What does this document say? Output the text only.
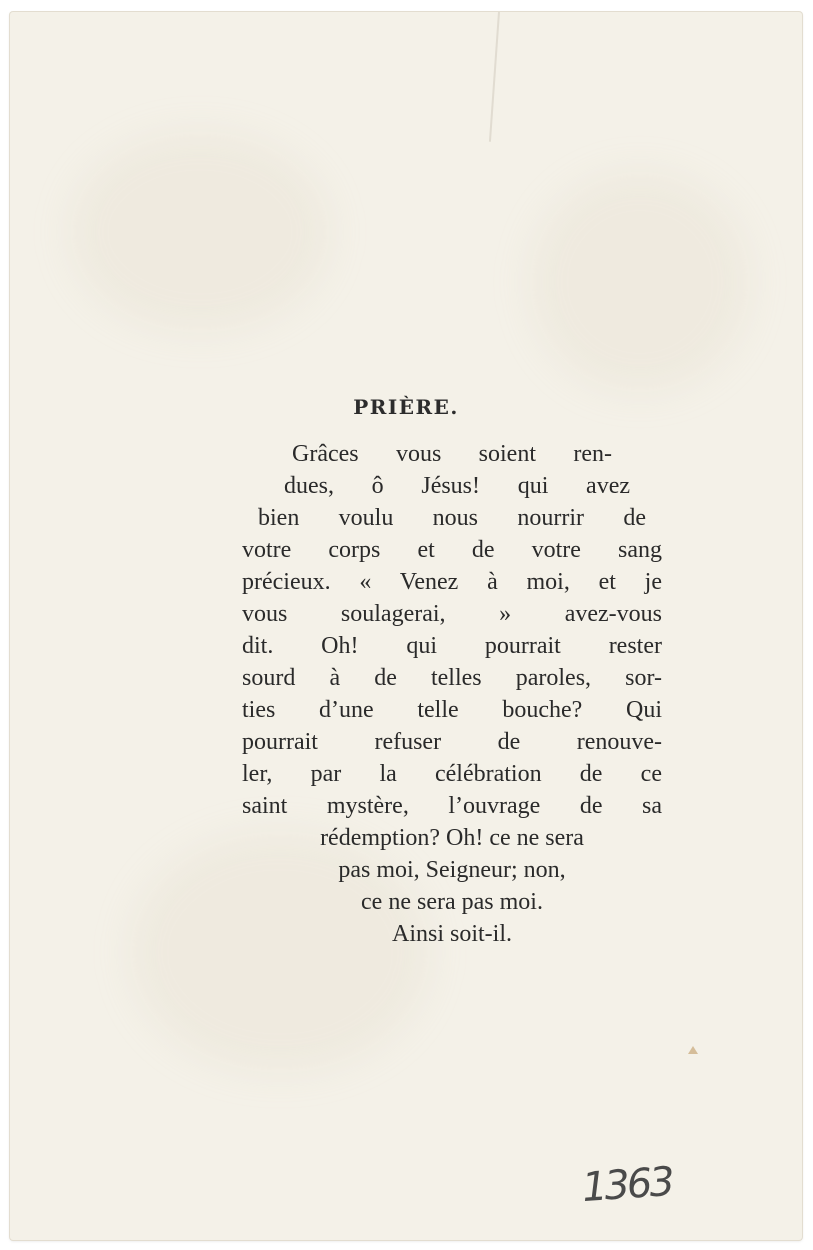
PRIÈRE.
Grâces vous soient ren-
dues, ô Jésus! qui avez
bien voulu nous nourrir de
votre corps et de votre sang
précieux. « Venez à moi, et je
vous soulagerai, » avez-vous
dit. Oh! qui pourrait rester
sourd à de telles paroles, sor-
ties d’une telle bouche? Qui
pourrait refuser de renouve-
ler, par la célébration de ce
saint mystère, l’ouvrage de sa
rédemption? Oh! ce ne sera
pas moi, Seigneur; non,
ce ne sera pas moi.
Ainsi soit-il.
1363
